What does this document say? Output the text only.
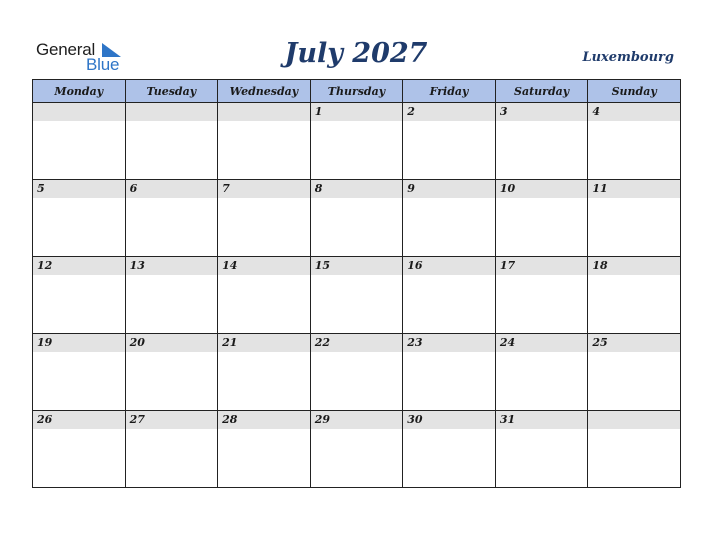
General
Blue	July 2027	Luxembourg
Monday	Tuesday	Wednesday	Thursday	Friday	Saturday	Sunday

			1	2	3	4

5	6	7	8	9	10	11

12	13	14	15	16	17	18

19	20	21	22	23	24	25

26	27	28	29	30	31	
